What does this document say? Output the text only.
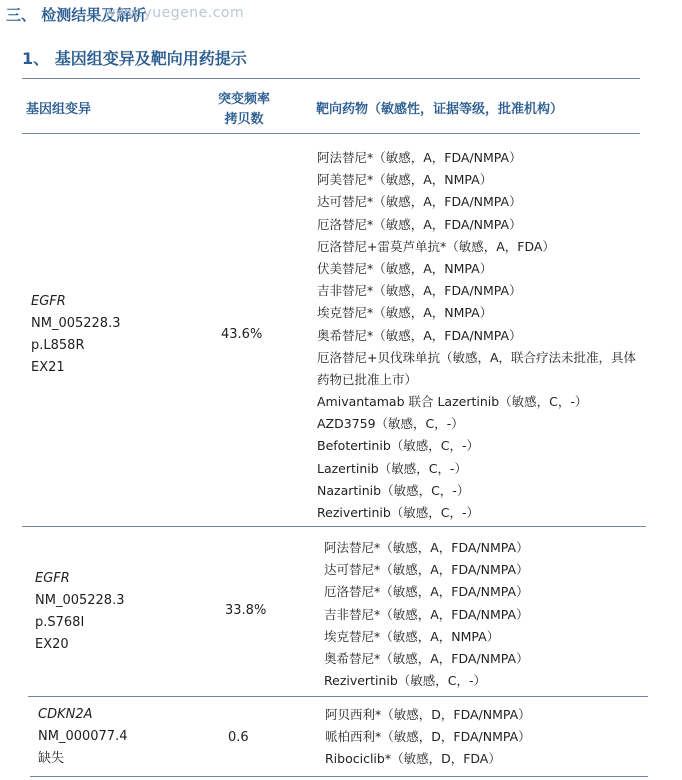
三、 检测结果及解析
www.yuegene.com
1、 基因组变异及靶向用药提示
基因组变异
突变频率
拷贝数
靶向药物（敏感性，证据等级，批准机构）
EGFR
NM_005228.3
p.L858R
EX21
43.6%
阿法替尼*（敏感，A，FDA/NMPA）
阿美替尼*（敏感，A，NMPA）
达可替尼*（敏感，A，FDA/NMPA）
厄洛替尼*（敏感，A，FDA/NMPA）
厄洛替尼+雷莫芦单抗*（敏感，A，FDA）
伏美替尼*（敏感，A，NMPA）
吉非替尼*（敏感，A，FDA/NMPA）
埃克替尼*（敏感，A，NMPA）
奥希替尼*（敏感，A，FDA/NMPA）
厄洛替尼+贝伐珠单抗（敏感，A，联合疗法未批准，具体
药物已批准上市）
Amivantamab 联合 Lazertinib（敏感，C，-）
AZD3759（敏感，C，-）
Befotertinib（敏感，C，-）
Lazertinib（敏感，C，-）
Nazartinib（敏感，C，-）
Rezivertinib（敏感，C，-）
EGFR
NM_005228.3
p.S768I
EX20
33.8%
阿法替尼*（敏感，A，FDA/NMPA）
达可替尼*（敏感，A，FDA/NMPA）
厄洛替尼*（敏感，A，FDA/NMPA）
吉非替尼*（敏感，A，FDA/NMPA）
埃克替尼*（敏感，A，NMPA）
奥希替尼*（敏感，A，FDA/NMPA）
Rezivertinib（敏感，C，-）
CDKN2A
NM_000077.4
缺失
0.6
阿贝西利*（敏感，D，FDA/NMPA）
哌柏西利*（敏感，D，FDA/NMPA）
Ribociclib*（敏感，D，FDA）
